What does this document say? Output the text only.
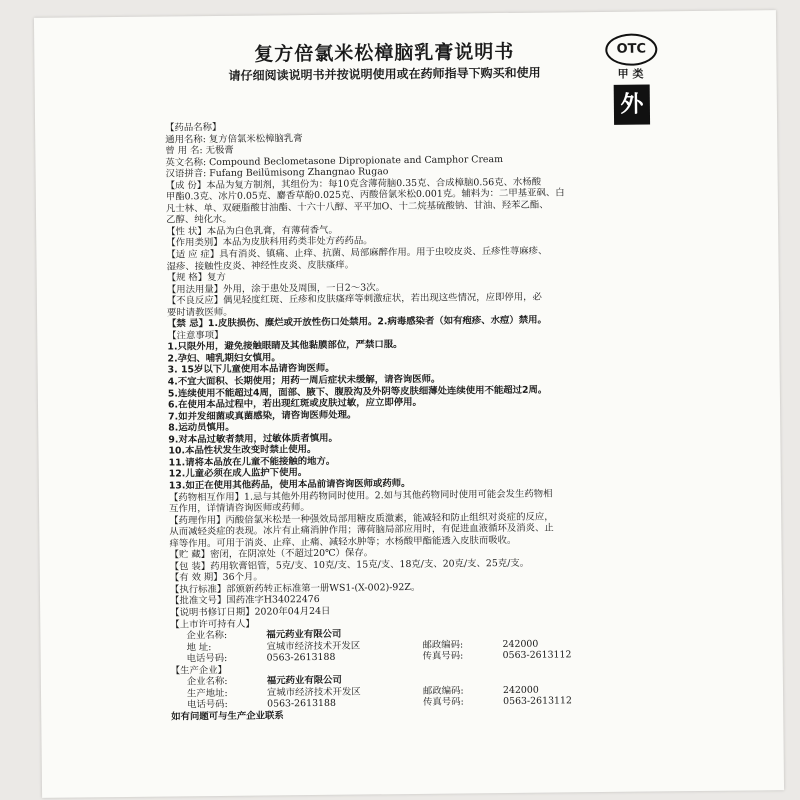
复方倍氯米松樟脑乳膏说明书
请仔细阅读说明书并按说明使用或在药师指导下购买和使用
OTC
甲 类
外
【药品名称】
通用名称: 复方倍氯米松樟脑乳膏
曾 用 名: 无极膏
英文名称: Compound Beclometasone Dipropionate and Camphor Cream
汉语拼音: Fufang Beilümisong Zhangnao Rugao
【成 份】本品为复方制剂，其组份为：每10克含薄荷脑0.35克、合成樟脑0.56克、水杨酸
甲酯0.3克、冰片0.05克、麝香草酚0.025克、丙酸倍氯米松0.001克。辅料为：二甲基亚砜、白
凡士林、单、双硬脂酸甘油酯、十六十八醇、平平加O、十二烷基硫酸钠、甘油、羟苯乙酯、
乙醇、纯化水。
【性 状】本品为白色乳膏，有薄荷香气。
【作用类别】本品为皮肤科用药类非处方药药品。
【适 应 症】具有消炎、镇痛、止痒、抗菌、局部麻醉作用。用于虫咬皮炎、丘疹性荨麻疹、
湿疹、接触性皮炎、神经性皮炎、皮肤瘙痒。
【规 格】复方
【用法用量】外用，涂于患处及周围，一日2～3次。
【不良反应】偶见轻度红斑、丘疹和皮肤瘙痒等刺激症状，若出现这些情况，应即停用，必
要时请教医师。
【禁 忌】1.皮肤损伤、糜烂或开放性伤口处禁用。2.病毒感染者（如有疱疹、水痘）禁用。
【注意事项】
1.只限外用，避免接触眼睛及其他黏膜部位，严禁口服。
2.孕妇、哺乳期妇女慎用。
3. 15岁以下儿童使用本品请咨询医师。
4.不宜大面积、长期使用；用药一周后症状未缓解，请咨询医师。
5.连续使用不能超过4周，面部、腋下、腹股沟及外阴等皮肤细薄处连续使用不能超过2周。
6.在使用本品过程中，若出现红斑或皮肤过敏，应立即停用。
7.如并发细菌或真菌感染，请咨询医师处理。
8.运动员慎用。
9.对本品过敏者禁用，过敏体质者慎用。
10.本品性状发生改变时禁止使用。
11.请将本品放在儿童不能接触的地方。
12.儿童必须在成人监护下使用。
13.如正在使用其他药品，使用本品前请咨询医师或药师。
【药物相互作用】1.忌与其他外用药物同时使用。2.如与其他药物同时使用可能会发生药物相
互作用，详情请咨询医师或药师。
【药理作用】丙酸倍氯米松是一种强效局部用糖皮质激素，能减轻和防止组织对炎症的反应，
从而减轻炎症的表现。冰片有止痛消肿作用；薄荷脑局部应用时，有促进血液循环及消炎、止
痒等作用。可用于消炎、止痒、止痛、减轻水肿等；水杨酸甲酯能透入皮肤而吸收。
【贮 藏】密闭，在阴凉处（不超过20℃）保存。
【包 装】药用软膏铝管，5克/支、10克/支、15克/支、18克/支、20克/支、25克/支。
【有 效 期】36个月。
【执行标准】部颁新药转正标准第一册WS1-(X-002)-92Z。
【批准文号】国药准字H34022476
【说明书修订日期】2020年04月24日
【上市许可持有人】
企业名称:	福元药业有限公司
地 址:	宣城市经济技术开发区	邮政编码:	242000
电话号码:	0563-2613188	传真号码:	0563-2613112
【生产企业】
企业名称:	福元药业有限公司
生产地址:	宣城市经济技术开发区	邮政编码:	242000
电话号码:	0563-2613188	传真号码:	0563-2613112
如有问题可与生产企业联系
